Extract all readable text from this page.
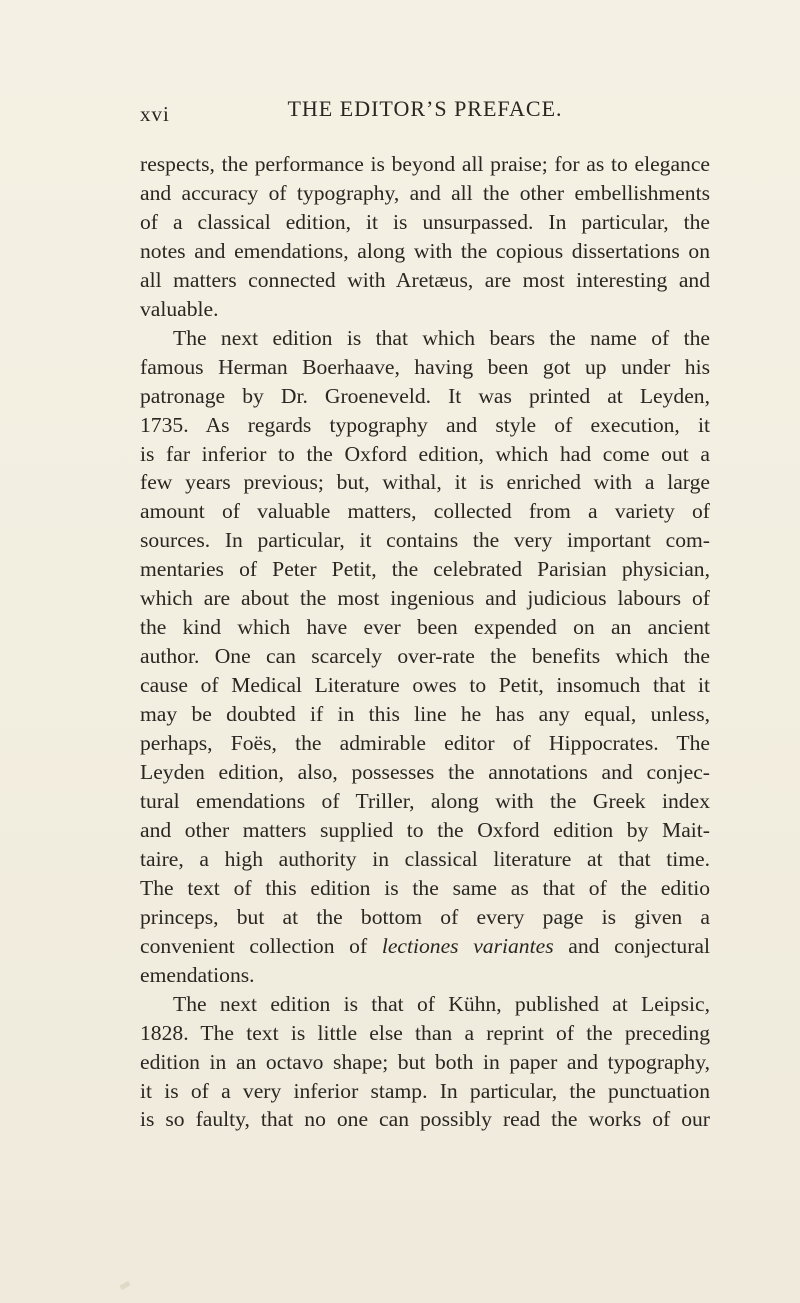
xvi	THE EDITOR’S PREFACE.

respects, the performance is beyond all praise; for as to elegance

and accuracy of typography, and all the other embellishments

of a classical edition, it is unsurpassed. In particular, the

notes and emendations, along with the copious dissertations on

all matters connected with Aretæus, are most interesting and

valuable.

The next edition is that which bears the name of the

famous Herman Boerhaave, having been got up under his

patronage by Dr. Groeneveld. It was printed at Leyden,

1735. As regards typography and style of execution, it

is far inferior to the Oxford edition, which had come out a

few years previous; but, withal, it is enriched with a large

amount of valuable matters, collected from a variety of

sources. In particular, it contains the very important com-

mentaries of Peter Petit, the celebrated Parisian physician,

which are about the most ingenious and judicious labours of

the kind which have ever been expended on an ancient

author. One can scarcely over-rate the benefits which the

cause of Medical Literature owes to Petit, insomuch that it

may be doubted if in this line he has any equal, unless,

perhaps, Foës, the admirable editor of Hippocrates. The

Leyden edition, also, possesses the annotations and conjec-

tural emendations of Triller, along with the Greek index

and other matters supplied to the Oxford edition by Mait-

taire, a high authority in classical literature at that time.

The text of this edition is the same as that of the editio

princeps, but at the bottom of every page is given a

convenient collection of lectiones variantes and conjectural

emendations.

The next edition is that of Kühn, published at Leipsic,

1828. The text is little else than a reprint of the preceding

edition in an octavo shape; but both in paper and typography,

it is of a very inferior stamp. In particular, the punctuation

is so faulty, that no one can possibly read the works of our
